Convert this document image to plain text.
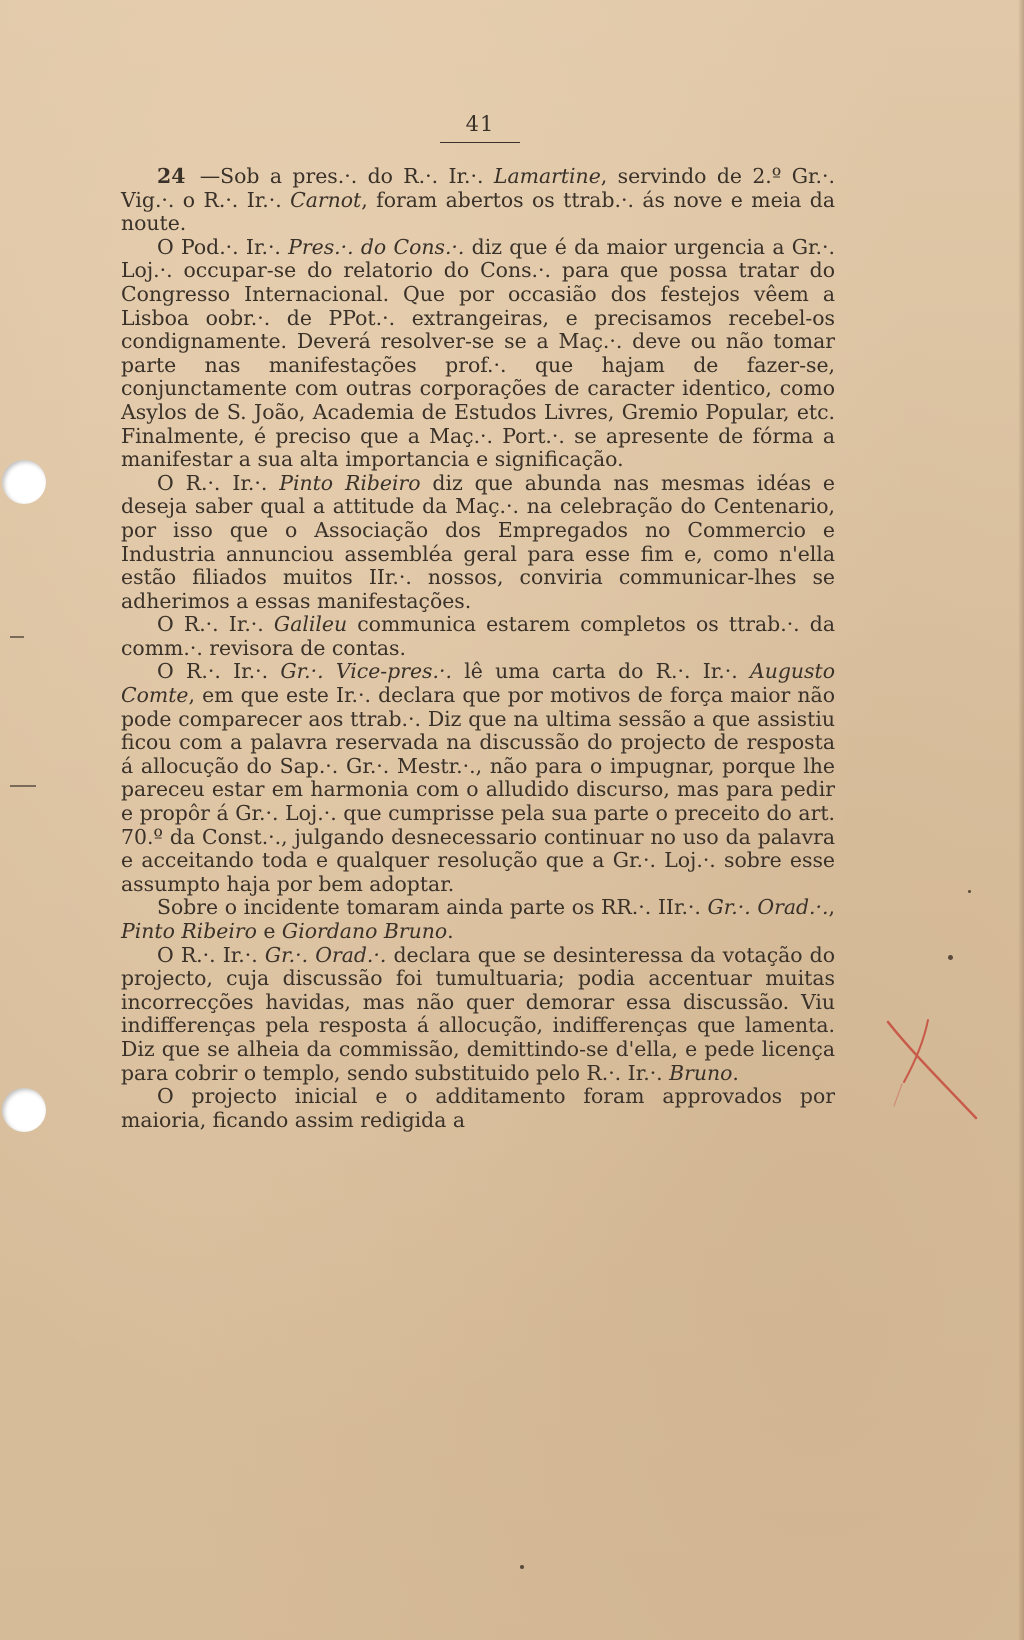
41

24 —Sob a pres.·. do R.·. Ir.·. Lamartine, servindo de 2.º Gr.·. Vig.·. o R.·. Ir.·. Carnot, foram abertos os ttrab.·. ás nove e meia da noute.

O Pod.·. Ir.·. Pres.·. do Cons.·. diz que é da maior urgencia a Gr.·. Loj.·. occupar-se do relatorio do Cons.·. para que possa tratar do Congresso Internacional. Que por occasião dos festejos vêem a Lisboa oobr.·. de PPot.·. extrangeiras, e precisamos recebel-os condignamente. Deverá resolver-se se a Maç.·. deve ou não tomar parte nas manifestações prof.·. que hajam de fazer-se, conjunctamente com outras corporações de caracter identico, como Asylos de S. João, Academia de Estudos Livres, Gremio Popular, etc. Finalmente, é preciso que a Maç.·. Port.·. se apresente de fórma a manifestar a sua alta importancia e significação.

O R.·. Ir.·. Pinto Ribeiro diz que abunda nas mesmas idéas e deseja saber qual a attitude da Maç.·. na celebração do Centenario, por isso que o Associação dos Empregados no Commercio e Industria annunciou assembléa geral para esse fim e, como n'ella estão filiados muitos IIr.·. nossos, conviria communicar-lhes se adherimos a essas manifestações.

O R.·. Ir.·. Galileu communica estarem completos os ttrab.·. da comm.·. revisora de contas.

O R.·. Ir.·. Gr.·. Vice-pres.·. lê uma carta do R.·. Ir.·. Augusto Comte, em que este Ir.·. declara que por motivos de força maior não pode comparecer aos ttrab.·. Diz que na ultima sessão a que assistiu ficou com a palavra reservada na discussão do projecto de resposta á allocução do Sap.·. Gr.·. Mestr.·., não para o impugnar, porque lhe pareceu estar em harmonia com o alludido discurso, mas para pedir e propôr á Gr.·. Loj.·. que cumprisse pela sua parte o preceito do art. 70.º da Const.·., julgando desnecessario continuar no uso da palavra e acceitando toda e qualquer resolução que a Gr.·. Loj.·. sobre esse assumpto haja por bem adoptar.

Sobre o incidente tomaram ainda parte os RR.·. IIr.·. Gr.·. Orad.·., Pinto Ribeiro e Giordano Bruno.

O R.·. Ir.·. Gr.·. Orad.·. declara que se desinteressa da votação do projecto, cuja discussão foi tumultuaria; podia accentuar muitas incorrecções havidas, mas não quer demorar essa discussão. Viu indifferenças pela resposta á allocução, indifferenças que lamenta. Diz que se alheia da commissão, demittindo-se d'ella, e pede licença para cobrir o templo, sendo substituido pelo R.·. Ir.·. Bruno.

O projecto inicial e o additamento foram approvados por maioria, ficando assim redigida a
